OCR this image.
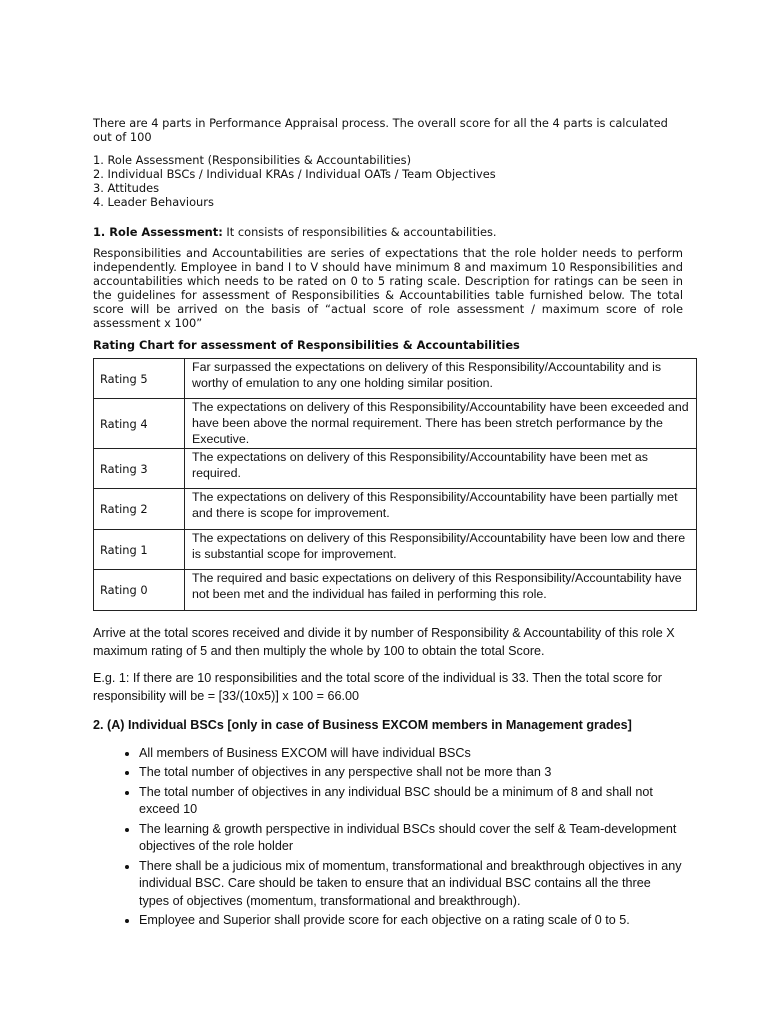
There are 4 parts in Performance Appraisal process. The overall score for all the 4 parts is calculated out of 100

1. Role Assessment (Responsibilities & Accountabilities)
2. Individual BSCs / Individual KRAs / Individual OATs / Team Objectives
3. Attitudes
4. Leader Behaviours

1. Role Assessment: It consists of responsibilities & accountabilities.

Responsibilities and Accountabilities are series of expectations that the role holder needs to perform independently. Employee in band I to V should have minimum 8 and maximum 10 Responsibilities and accountabilities which needs to be rated on 0 to 5 rating scale. Description for ratings can be seen in the guidelines for assessment of Responsibilities & Accountabilities table furnished below. The total score will be arrived on the basis of “actual score of role assessment / maximum score of role assessment x 100”

Rating Chart for assessment of Responsibilities & Accountabilities

Rating 5	Far surpassed the expectations on delivery of this Responsibility/Accountability and is worthy of emulation to any one holding similar position.
Rating 4	The expectations on delivery of this Responsibility/Accountability have been exceeded and have been above the normal requirement. There has been stretch performance by the Executive.
Rating 3	The expectations on delivery of this Responsibility/Accountability have been met as required.
Rating 2	The expectations on delivery of this Responsibility/Accountability have been partially met and there is scope for improvement.
Rating 1	The expectations on delivery of this Responsibility/Accountability have been low and there is substantial scope for improvement.
Rating 0	The required and basic expectations on delivery of this Responsibility/Accountability have not been met and the individual has failed in performing this role.

Arrive at the total scores received and divide it by number of Responsibility & Accountability of this role X maximum rating of 5 and then multiply the whole by 100 to obtain the total Score.

E.g. 1: If there are 10 responsibilities and the total score of the individual is 33. Then the total score for responsibility will be = [33/(10x5)] x 100 = 66.00

2. (A) Individual BSCs [only in case of Business EXCOM members in Management grades]

• All members of Business EXCOM will have individual BSCs
• The total number of objectives in any perspective shall not be more than 3
• The total number of objectives in any individual BSC should be a minimum of 8 and shall not exceed 10
• The learning & growth perspective in individual BSCs should cover the self & Team-development objectives of the role holder
• There shall be a judicious mix of momentum, transformational and breakthrough objectives in any individual BSC. Care should be taken to ensure that an individual BSC contains all the three types of objectives (momentum, transformational and breakthrough).
• Employee and Superior shall provide score for each objective on a rating scale of 0 to 5.
